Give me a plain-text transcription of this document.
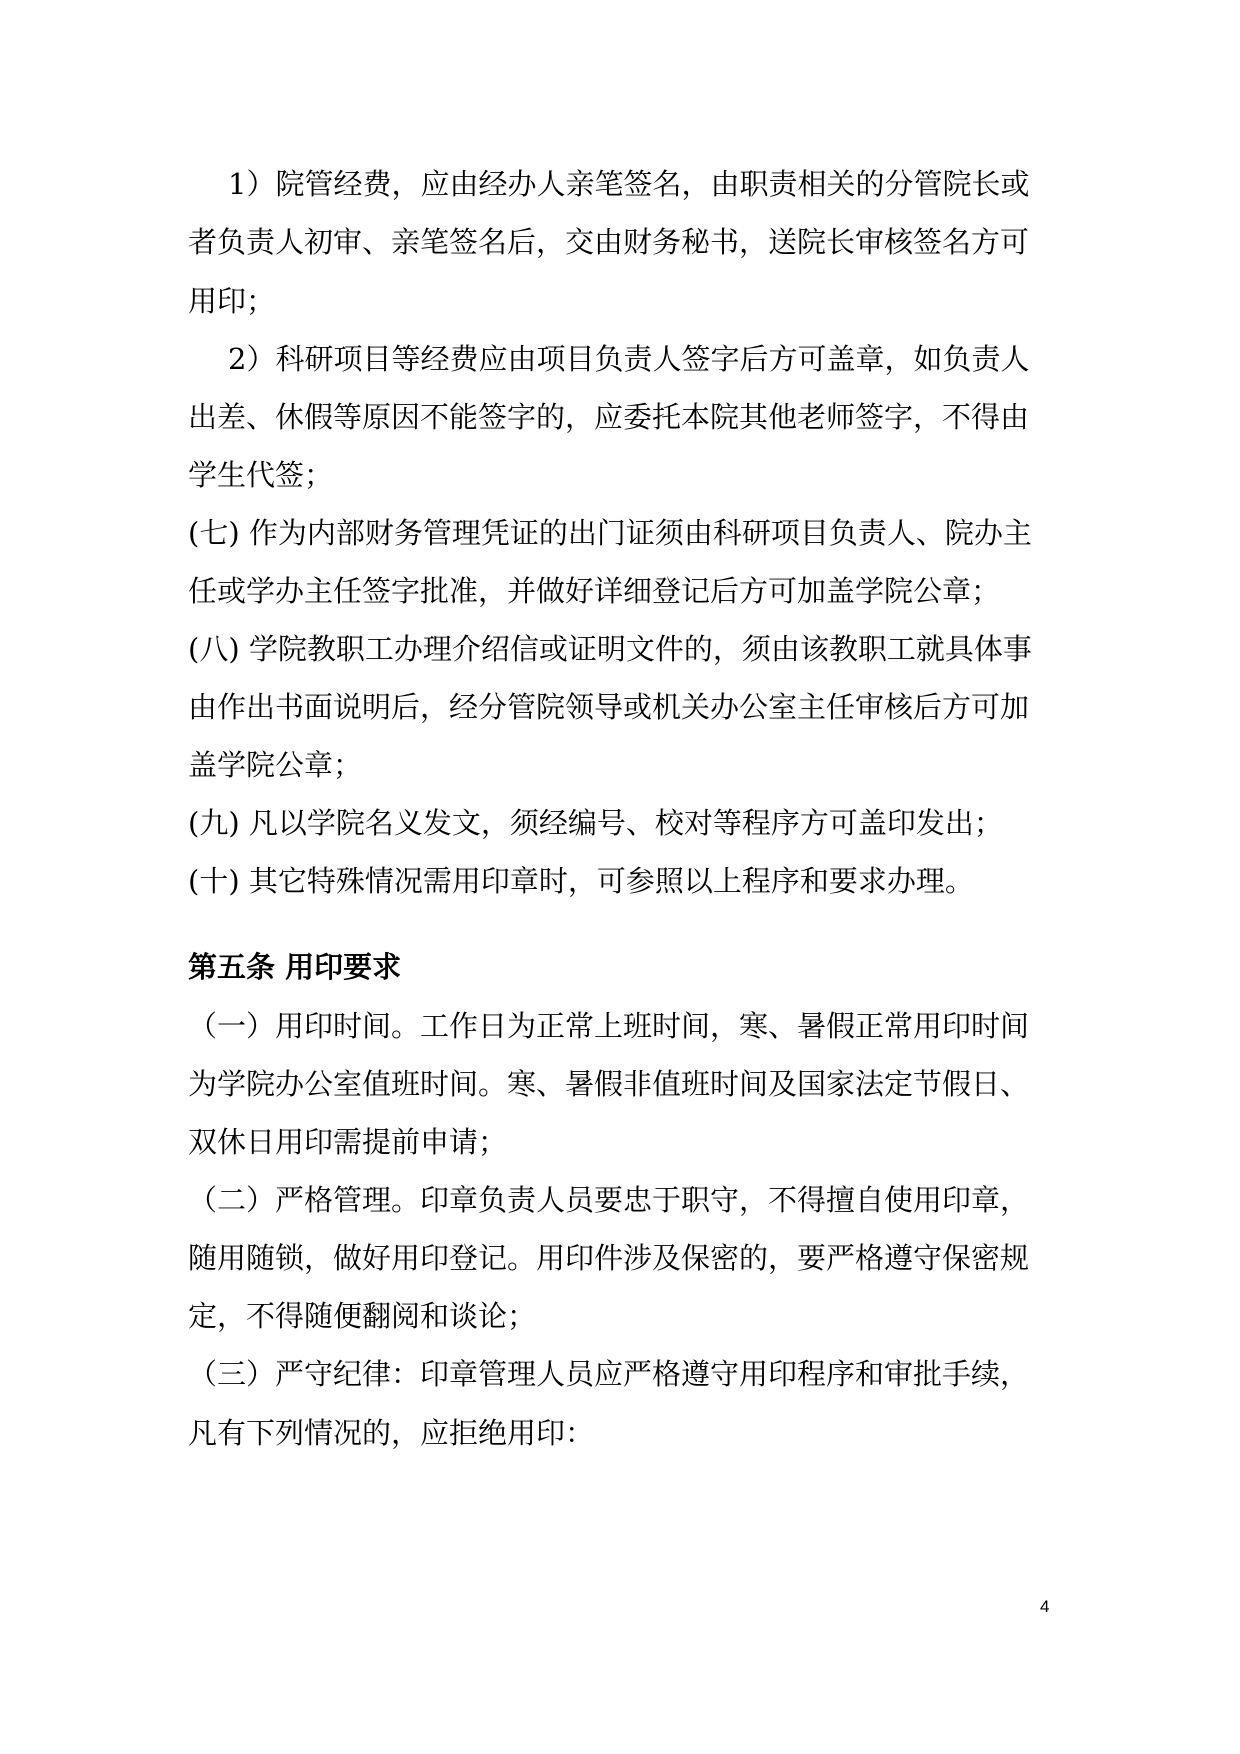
1）院管经费，应由经办人亲笔签名，由职责相关的分管院长或
者负责人初审、亲笔签名后，交由财务秘书，送院长审核签名方可
用印；
2）科研项目等经费应由项目负责人签字后方可盖章，如负责人
出差、休假等原因不能签字的，应委托本院其他老师签字，不得由
学生代签；
(七) 作为内部财务管理凭证的出门证须由科研项目负责人、院办主
任或学办主任签字批准，并做好详细登记后方可加盖学院公章；
(八) 学院教职工办理介绍信或证明文件的，须由该教职工就具体事
由作出书面说明后，经分管院领导或机关办公室主任审核后方可加
盖学院公章；
(九) 凡以学院名义发文，须经编号、校对等程序方可盖印发出；
(十) 其它特殊情况需用印章时，可参照以上程序和要求办理。
第五条 用印要求
（一）用印时间。工作日为正常上班时间，寒、暑假正常用印时间
为学院办公室值班时间。寒、暑假非值班时间及国家法定节假日、
双休日用印需提前申请；
（二）严格管理。印章负责人员要忠于职守，不得擅自使用印章，
随用随锁，做好用印登记。用印件涉及保密的，要严格遵守保密规
定，不得随便翻阅和谈论；
（三）严守纪律：印章管理人员应严格遵守用印程序和审批手续，
凡有下列情况的，应拒绝用印：
4
